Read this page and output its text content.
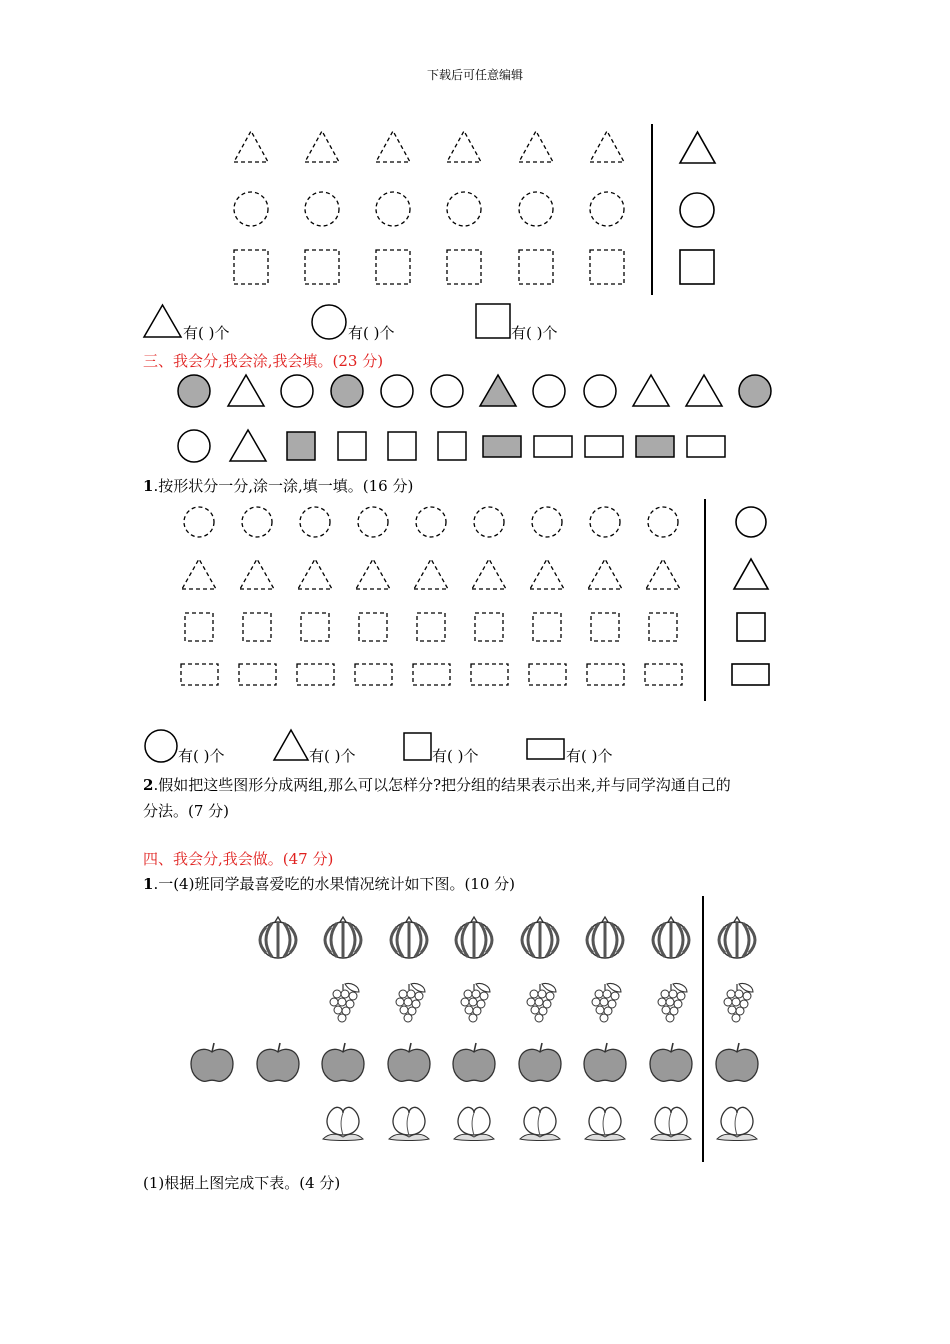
下载后可任意编辑
有( )个	有( )个	有( )个
三、我会分,我会涂,我会填。(23 分)
1.按形状分一分,涂一涂,填一填。(16 分)
有( )个	有( )个	有( )个	有( )个
2.假如把这些图形分成两组,那么可以怎样分?把分组的结果表示出来,并与同学沟通自己的
分法。(7 分)
四、我会分,我会做。(47 分)
1.一(4)班同学最喜爱吃的水果情况统计如下图。(10 分)
(1)根据上图完成下表。(4 分)
